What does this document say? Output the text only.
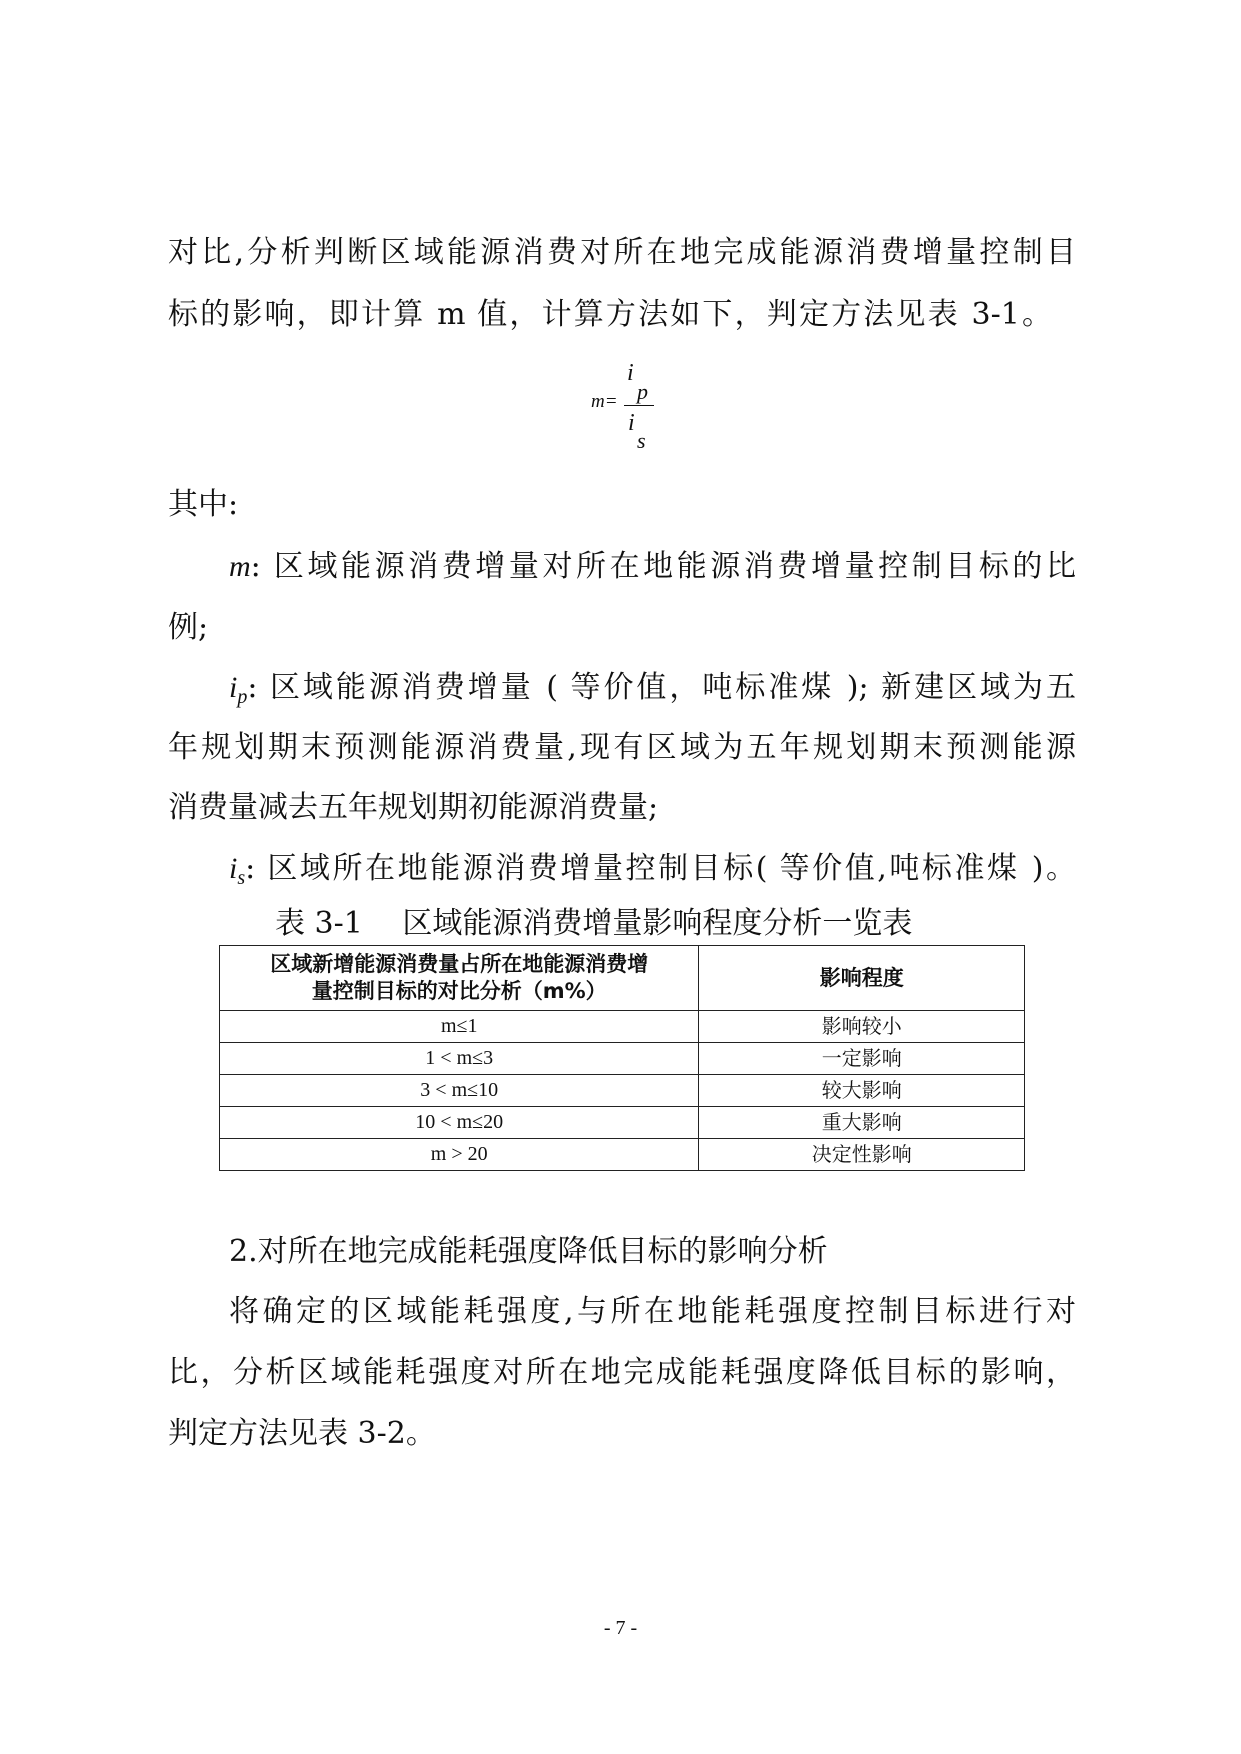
对比,分析判断区域能源消费对所在地完成能源消费增量控制目
标的影响，即计算 m 值，计算方法如下，判定方法见表 3-1。
m=
i
p
i
s
其中:
m: 区域能源消费增量对所在地能源消费增量控制目标的比
例;
$i_p$: 区域能源消费增量 ( 等价值，吨标准煤 ); 新建区域为五
年规划期末预测能源消费量,现有区域为五年规划期末预测能源
消费量减去五年规划期初能源消费量;
$i_s$: 区域所在地能源消费增量控制目标( 等价值,吨标准煤 )。
表 3-1　 区域能源消费增量影响程度分析一览表
区域新增能源消费量占所在地能源消费增
量控制目标的对比分析（m%）	影响程度
m≤1	影响较小
1 < m≤3	一定影响
3 < m≤10	较大影响
10 < m≤20	重大影响
m > 20	决定性影响
2.对所在地完成能耗强度降低目标的影响分析
将确定的区域能耗强度,与所在地能耗强度控制目标进行对
比，分析区域能耗强度对所在地完成能耗强度降低目标的影响，
判定方法见表 3-2。
- 7 -
